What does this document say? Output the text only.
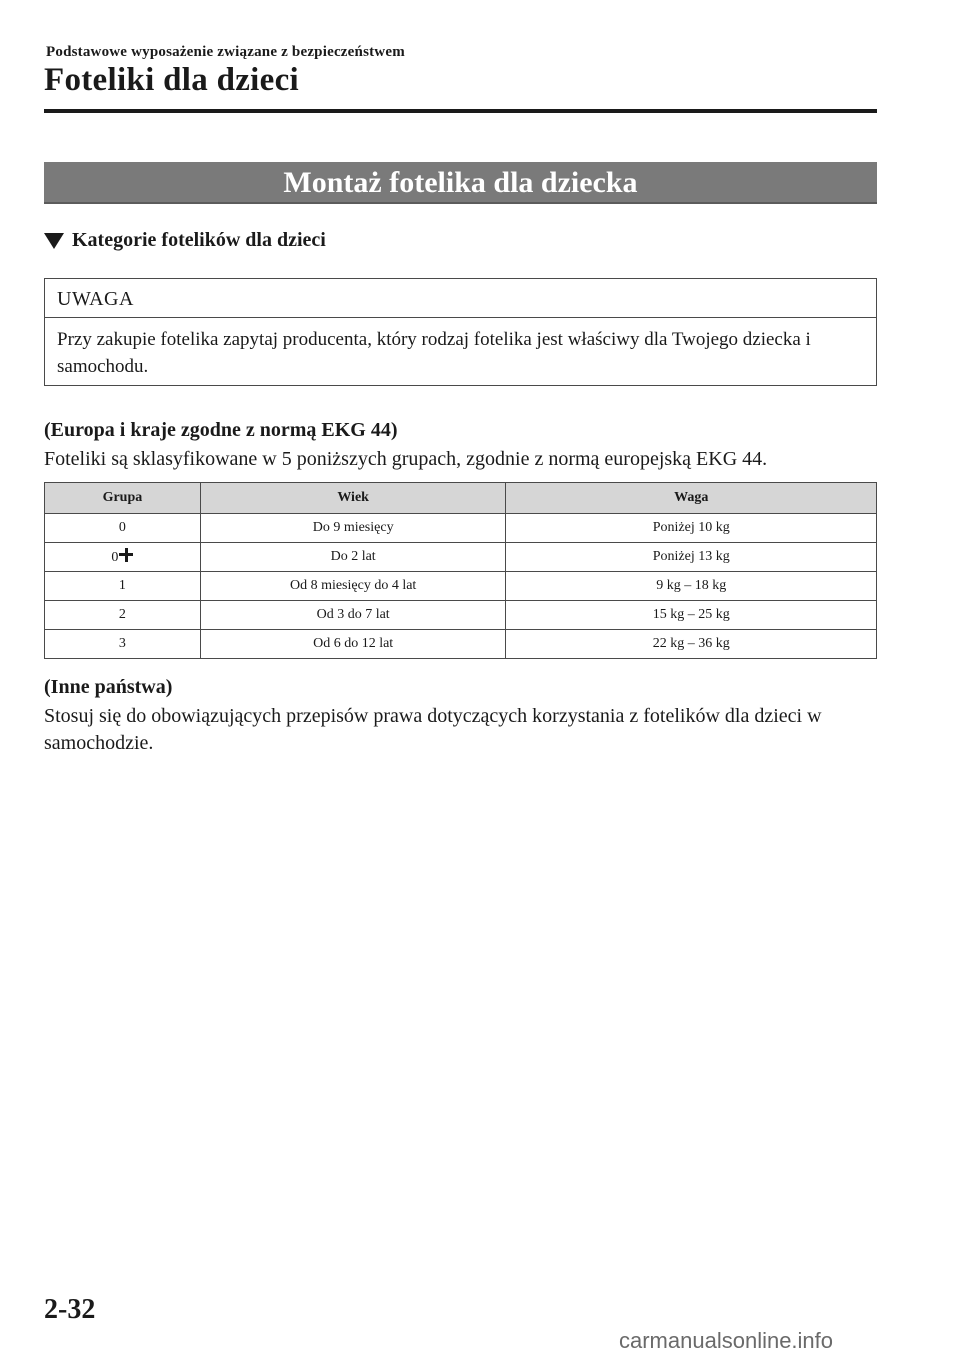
Podstawowe wyposażenie związane z bezpieczeństwem
Foteliki dla dzieci
Montaż fotelika dla dziecka
Kategorie fotelików dla dzieci
UWAGA
Przy zakupie fotelika zapytaj producenta, który rodzaj fotelika jest właściwy dla Twojego dziecka i samochodu.
(Europa i kraje zgodne z normą EKG 44)
Foteliki są sklasyfikowane w 5 poniższych grupach, zgodnie z normą europejską EKG 44.
Grupa	Wiek	Waga
0	Do 9 miesięcy	Poniżej 10 kg
0	Do 2 lat	Poniżej 13 kg
1	Od 8 miesięcy do 4 lat	9 kg – 18 kg
2	Od 3 do 7 lat	15 kg – 25 kg
3	Od 6 do 12 lat	22 kg – 36 kg
(Inne państwa)
Stosuj się do obowiązujących przepisów prawa dotyczących korzystania z fotelików dla dzieci w samochodzie.
2-32
carmanualsonline.info
